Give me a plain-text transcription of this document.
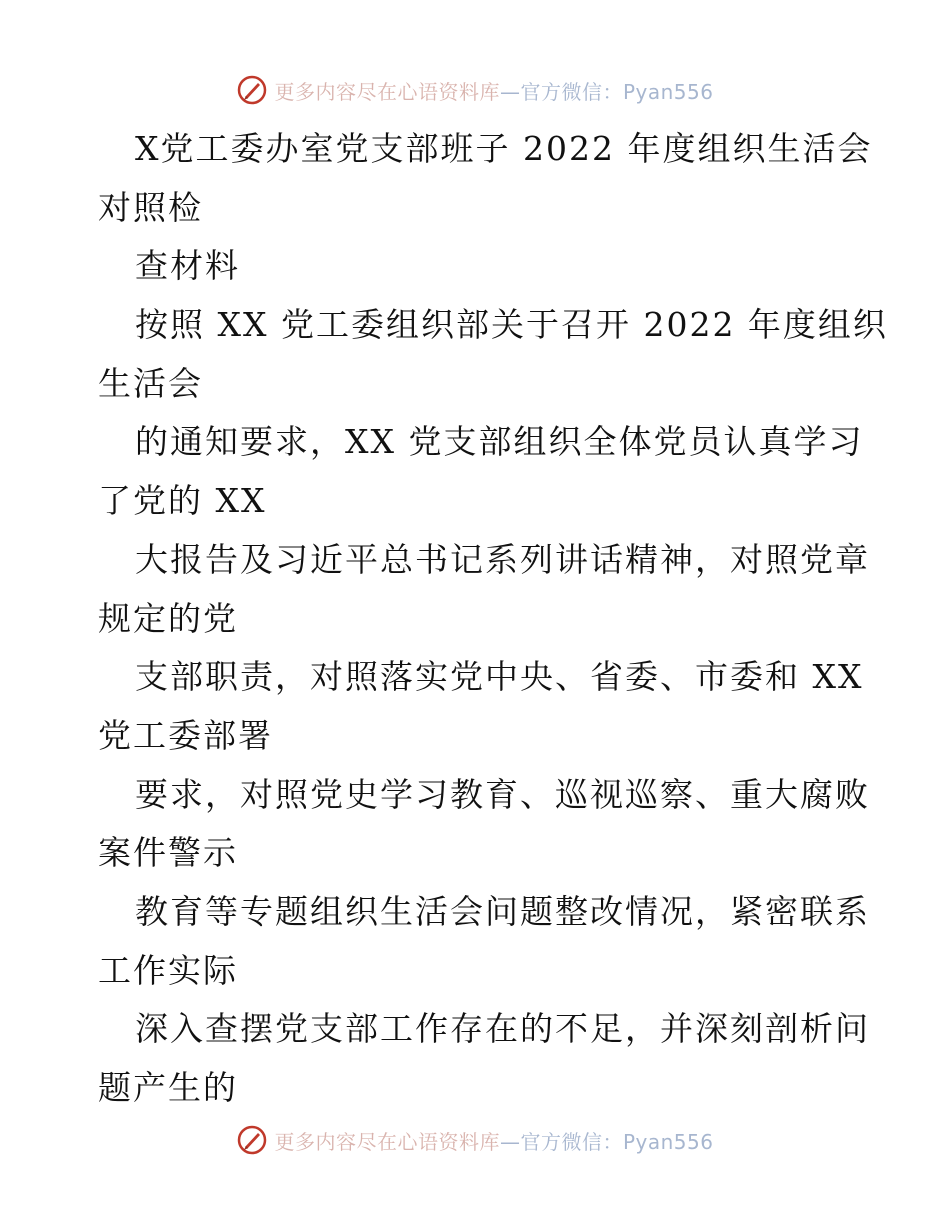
更多内容尽在心语资料库—官方微信：Pyan556
X党工委办室党支部班子 2022 年度组织生活会
对照检
查材料
按照 XX 党工委组织部关于召开 2022 年度组织
生活会
的通知要求，XX 党支部组织全体党员认真学习
了党的 XX
大报告及习近平总书记系列讲话精神，对照党章
规定的党
支部职责，对照落实党中央、省委、市委和 XX
党工委部署
要求，对照党史学习教育、巡视巡察、重大腐败
案件警示
教育等专题组织生活会问题整改情况，紧密联系
工作实际
深入查摆党支部工作存在的不足，并深刻剖析问
题产生的
更多内容尽在心语资料库—官方微信：Pyan556
